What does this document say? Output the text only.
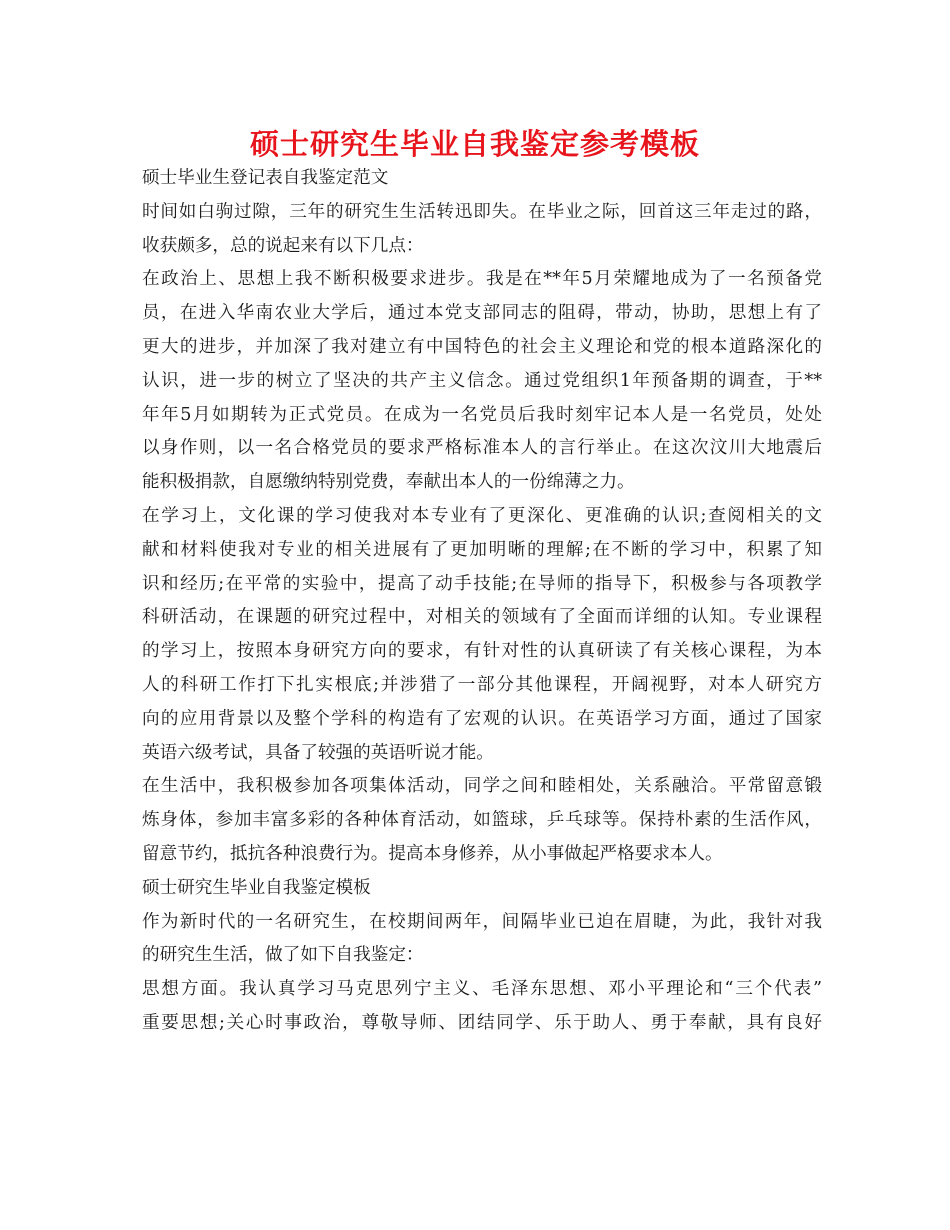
硕士研究生毕业自我鉴定参考模板
硕士毕业生登记表自我鉴定范文
时间如白驹过隙，三年的研究生生活转迅即失。在毕业之际，回首这三年走过的路，
收获颇多，总的说起来有以下几点：
在政治上、思想上我不断积极要求进步。我是在**年5月荣耀地成为了一名预备党
员，在进入华南农业大学后，通过本党支部同志的阻碍，带动，协助，思想上有了
更大的进步，并加深了我对建立有中国特色的社会主义理论和党的根本道路深化的
认识，进一步的树立了坚决的共产主义信念。通过党组织1年预备期的调查，于**
年年5月如期转为正式党员。在成为一名党员后我时刻牢记本人是一名党员，处处
以身作则，以一名合格党员的要求严格标准本人的言行举止。在这次汶川大地震后
能积极捐款，自愿缴纳特别党费，奉献出本人的一份绵薄之力。
在学习上，文化课的学习使我对本专业有了更深化、更准确的认识;查阅相关的文
献和材料使我对专业的相关进展有了更加明晰的理解;在不断的学习中，积累了知
识和经历;在平常的实验中，提高了动手技能;在导师的指导下，积极参与各项教学
科研活动，在课题的研究过程中，对相关的领域有了全面而详细的认知。专业课程
的学习上，按照本身研究方向的要求，有针对性的认真研读了有关核心课程，为本
人的科研工作打下扎实根底;并涉猎了一部分其他课程，开阔视野，对本人研究方
向的应用背景以及整个学科的构造有了宏观的认识。在英语学习方面，通过了国家
英语六级考试，具备了较强的英语听说才能。
在生活中，我积极参加各项集体活动，同学之间和睦相处，关系融洽。平常留意锻
炼身体，参加丰富多彩的各种体育活动，如篮球，乒乓球等。保持朴素的生活作风，
留意节约，抵抗各种浪费行为。提高本身修养，从小事做起严格要求本人。
硕士研究生毕业自我鉴定模板
作为新时代的一名研究生，在校期间两年，间隔毕业已迫在眉睫，为此，我针对我
的研究生生活，做了如下自我鉴定：
思想方面。我认真学习马克思列宁主义、毛泽东思想、邓小平理论和“三个代表”
重要思想;关心时事政治，尊敬导师、团结同学、乐于助人、勇于奉献，具有良好
